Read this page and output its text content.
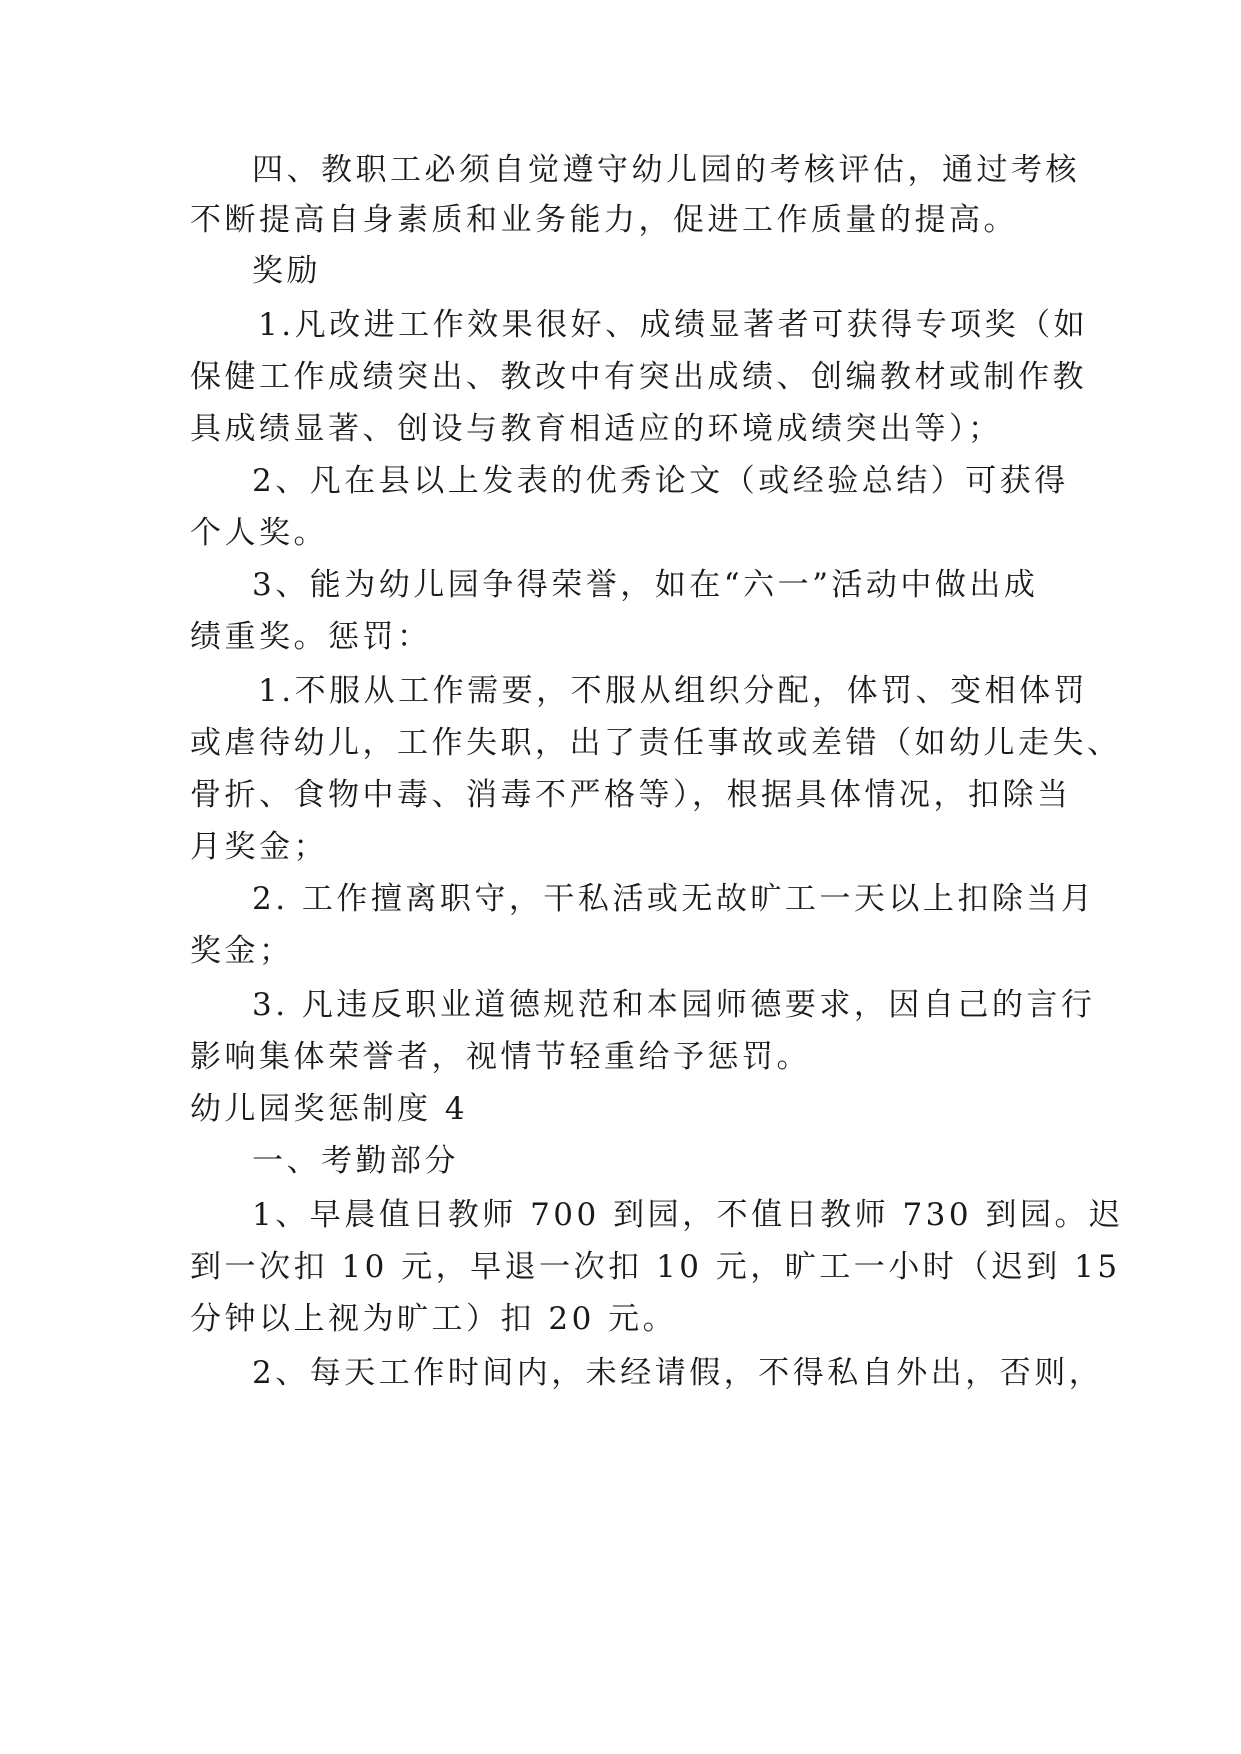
四、教职工必须自觉遵守幼儿园的考核评估，通过考核
不断提高自身素质和业务能力，促进工作质量的提高。
奖励
1.凡改进工作效果很好、成绩显著者可获得专项奖（如
保健工作成绩突出、教改中有突出成绩、创编教材或制作教
具成绩显著、创设与教育相适应的环境成绩突出等）；
2、凡在县以上发表的优秀论文（或经验总结）可获得
个人奖。
3、能为幼儿园争得荣誉，如在“六一”活动中做出成
绩重奖。惩罚：
1.不服从工作需要，不服从组织分配，体罚、变相体罚
或虐待幼儿，工作失职，出了责任事故或差错（如幼儿走失、
骨折、食物中毒、消毒不严格等），根据具体情况，扣除当
月奖金；
2. 工作擅离职守，干私活或无故旷工一天以上扣除当月
奖金；
3. 凡违反职业道德规范和本园师德要求，因自己的言行
影响集体荣誉者，视情节轻重给予惩罚。
幼儿园奖惩制度 4
一、考勤部分
1、早晨值日教师 700 到园，不值日教师 730 到园。迟
到一次扣 10 元，早退一次扣 10 元，旷工一小时（迟到 15
分钟以上视为旷工）扣 20 元。
2、每天工作时间内，未经请假，不得私自外出，否则，
